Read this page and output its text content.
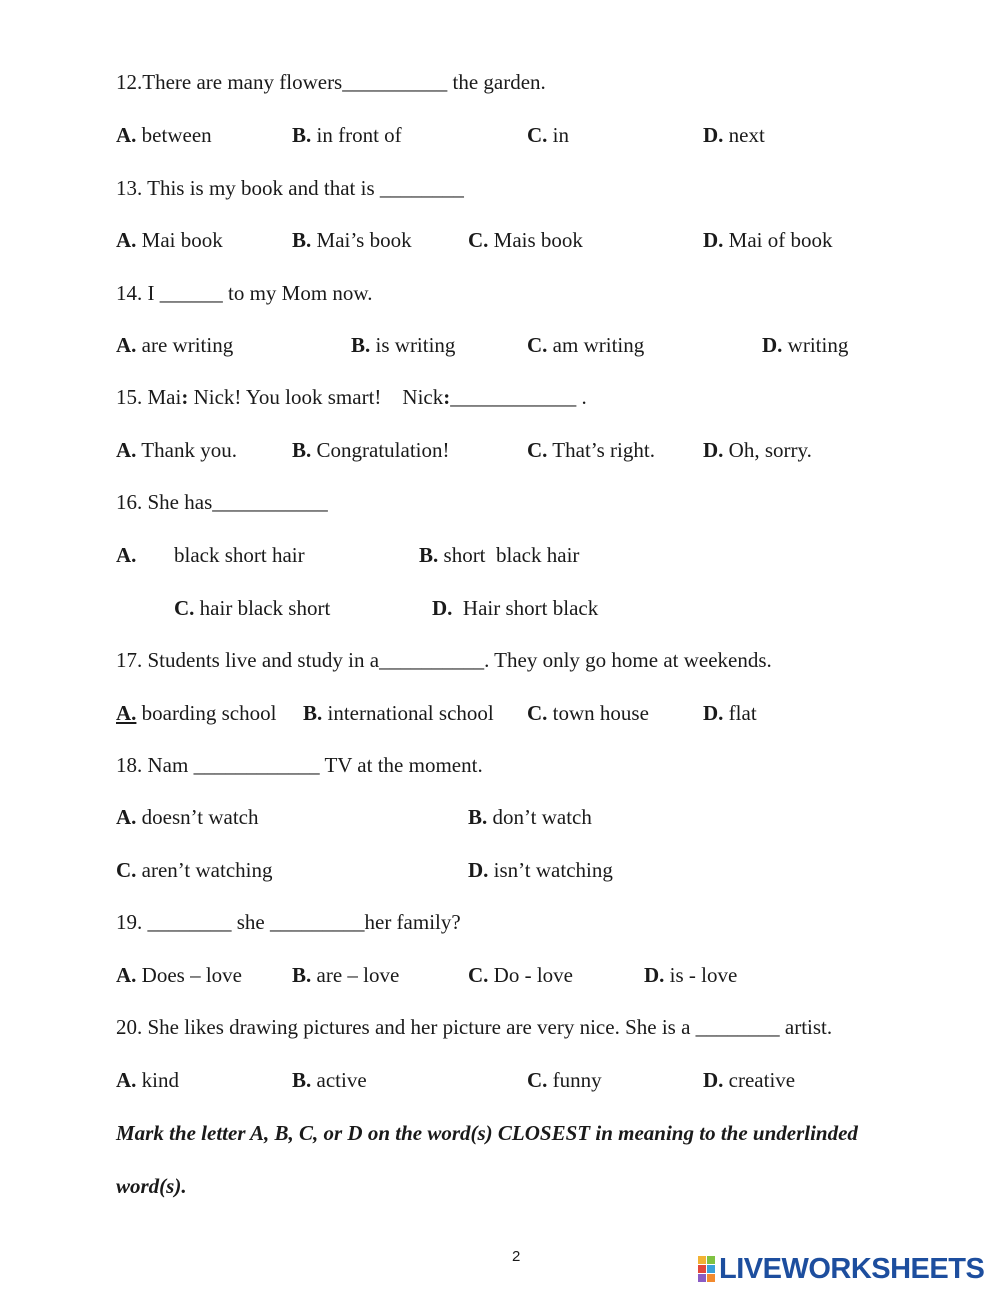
12.There are many flowers__________ the garden.
A. between	B. in front of	C. in	D. next
13. This is my book and that is ________
A. Mai book	B. Mai’s book	C. Mais book	D. Mai of book
14. I ______ to my Mom now.
A. are writing	B. is writing	C. am writing	D. writing
15. Mai: Nick! You look smart!    Nick:____________ .
A. Thank you.	B. Congratulation!	C. That’s right. D. Oh, sorry.
16. She has___________
A. black short hair	B. short  black hair
C. hair black short	D. Hair short black
17. Students live and study in a__________. They only go home at weekends.
A. boarding school B. international school C. town house	D. flat
18. Nam ____________ TV at the moment.
A. doesn’t watch	B. don’t watch
C. aren’t watching	D. isn’t watching
19. ________ she _________her family?
A. Does – love B. are – love	C. Do - love	D. is - love
20. She likes drawing pictures and her picture are very nice. She is a ________ artist.
A. kind	B. active	C. funny	D. creative
Mark the letter A, B, C, or D on the word(s) CLOSEST in meaning to the underlinded
word(s).
2	LIVEWORKSHEETS
